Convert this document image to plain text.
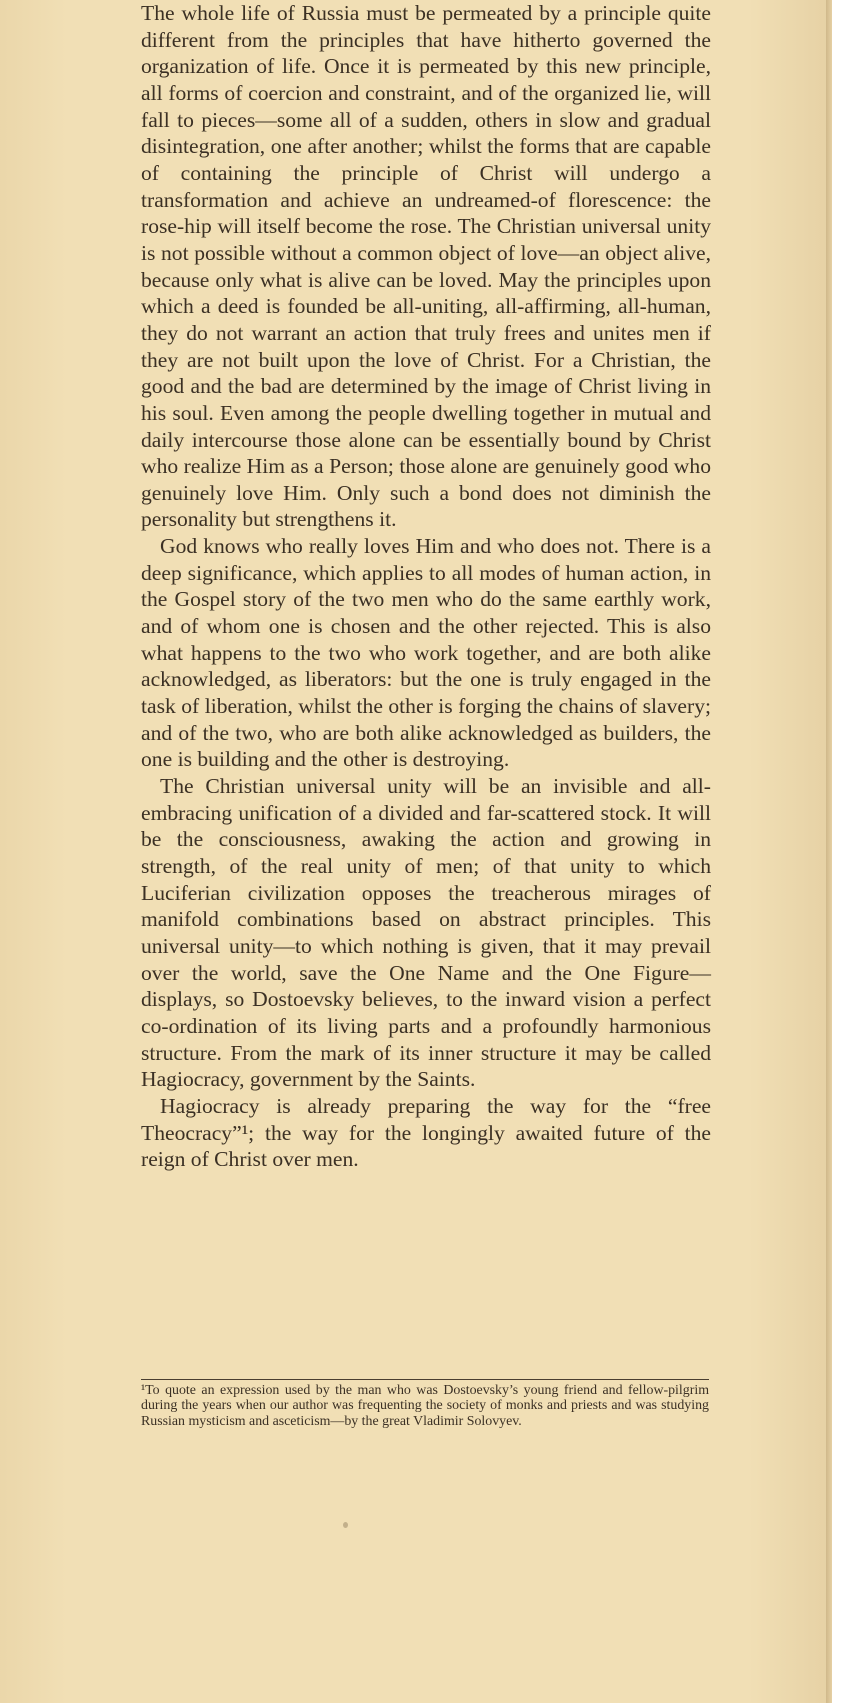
The whole life of Russia must be permeated by a principle quite different from the principles that have hitherto governed the organization of life. Once it is permeated by this new principle, all forms of coercion and constraint, and of the organized lie, will fall to pieces—some all of a sudden, others in slow and gradual disintegration, one after another; whilst the forms that are capable of containing the principle of Christ will undergo a transformation and achieve an undreamed-of florescence: the rose-hip will itself become the rose. The Christian universal unity is not possible without a common object of love—an object alive, because only what is alive can be loved. May the principles upon which a deed is founded be all-uniting, all-affirming, all-human, they do not warrant an action that truly frees and unites men if they are not built upon the love of Christ. For a Christian, the good and the bad are determined by the image of Christ living in his soul. Even among the people dwelling together in mutual and daily intercourse those alone can be essentially bound by Christ who realize Him as a Person; those alone are genuinely good who genuinely love Him. Only such a bond does not diminish the personality but strengthens it.

God knows who really loves Him and who does not. There is a deep significance, which applies to all modes of human action, in the Gospel story of the two men who do the same earthly work, and of whom one is chosen and the other rejected. This is also what happens to the two who work together, and are both alike acknowledged, as liberators: but the one is truly engaged in the task of liberation, whilst the other is forging the chains of slavery; and of the two, who are both alike acknowledged as builders, the one is building and the other is destroying.

The Christian universal unity will be an invisible and all-embracing unification of a divided and far-scattered stock. It will be the consciousness, awaking the action and growing in strength, of the real unity of men; of that unity to which Luciferian civilization opposes the treacherous mirages of manifold combinations based on abstract principles. This universal unity—to which nothing is given, that it may prevail over the world, save the One Name and the One Figure—displays, so Dostoevsky believes, to the inward vision a perfect co-ordination of its living parts and a profoundly harmonious structure. From the mark of its inner structure it may be called Hagiocracy, government by the Saints.

Hagiocracy is already preparing the way for the “free Theocracy”¹; the way for the longingly awaited future of the reign of Christ over men.

¹To quote an expression used by the man who was Dostoevsky’s young friend and fellow-pilgrim during the years when our author was frequenting the society of monks and priests and was studying Russian mysticism and asceticism—by the great Vladimir Solovyev.
